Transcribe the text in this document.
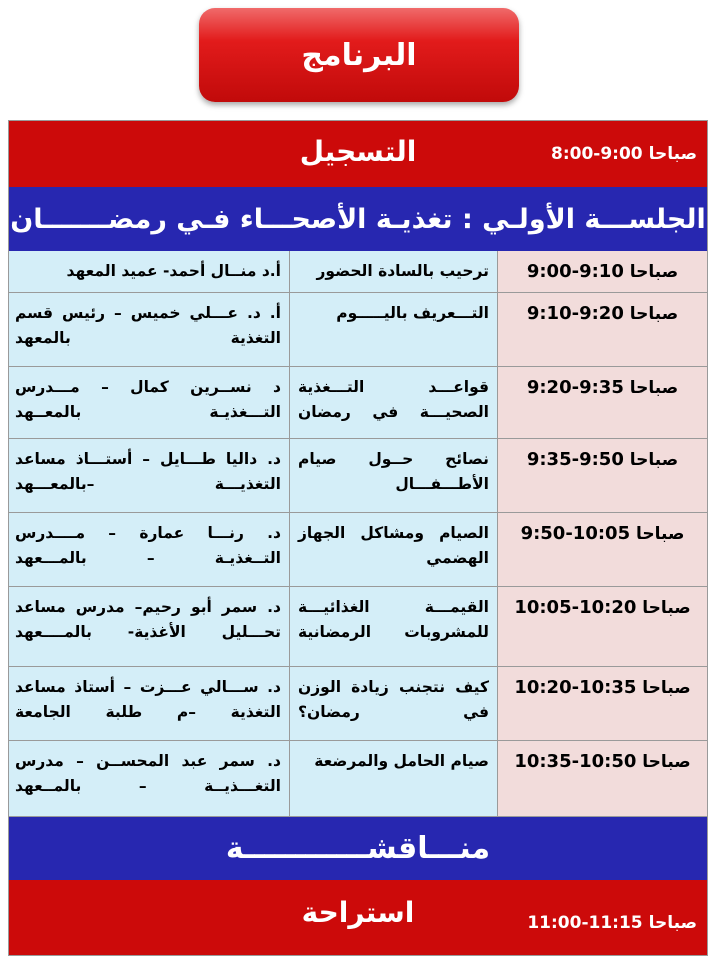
البرنامج
التسجيل	صباحا
8:00-9:00
الجلســـة الأولـي : تغذيـة الأصحـــاء فـي رمضـــــــان
صباحا 9:00-9:10
ترحيب بالسادة الحضور
أ.د منــال أحمد- عميد المعهد
صباحا 9:10-9:20
التـــعريف باليـــــوم
أ. د. عـــلي خميس – رئيس قسم التغذية بالمعهد
صباحا 9:20-9:35
قواعـــد التـــغذية الصحيـــة في رمضان
د نســرين كمال – مـــدرس التـــغذيـة بالمعــهد
صباحا 9:35-9:50
نصائح حــول صيام الأطـــفـــال
د. داليا طـــايل – أستـــاذ مساعد التغذيـــة –بالمعـــهد
صباحا 9:50-10:05
الصيام ومشاكل الجهاز الهضمي
د. رنـــا عمارة – مــــدرس التــغذيـة – بالمـــعهد
صباحا 10:05-10:20
القيمـــة الغذائيـــة للمشروبات الرمضانية
د. سمر أبو رحيم– مدرس مساعد تحـــليل الأغذية- بالمــــعهد
صباحا 10:20-10:35
كيف نتجنب زيادة الوزن في رمضان؟
د. ســـالي عـــزت – أستاذ مساعد التغذية –م طلبة الجامعة
صباحا 10:35-10:50
صيام الحامل والمرضعة
د. سمر عبد المحســن – مدرس التغـــذيــة – بالمــعهد
منـــاقشــــــــــــة
استراحة	صباحا
11:00-11:15
